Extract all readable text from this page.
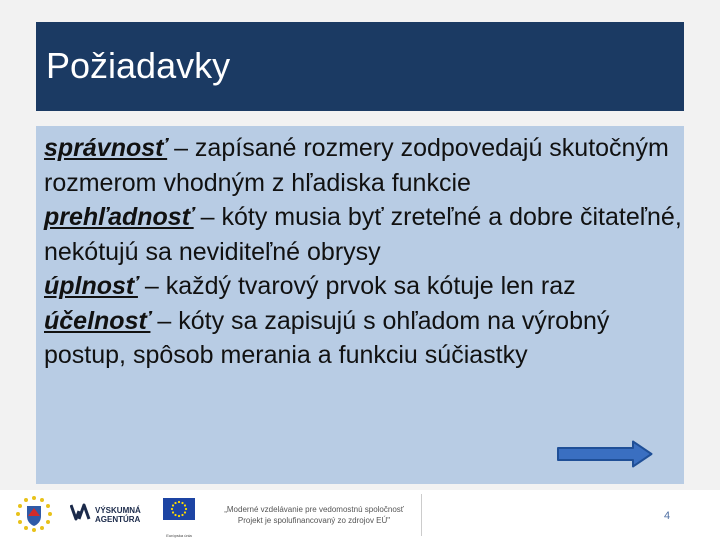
Požiadavky

správnosť – zapísané rozmery zodpovedajú skutočným rozmerom vhodným z hľadiska funkcie

prehľadnosť – kóty musia byť zreteľné a dobre čitateľné, nekótujú sa neviditeľné obrysy

úplnosť – každý tvarový prvok sa kótuje len raz

účelnosť – kóty sa zapisujú s ohľadom na výrobný postup, spôsob merania a funkciu súčiastky

VÝSKUMNÁ
AGENTÚRA
Európska únia
„Moderné vzdelávanie pre vedomostnú spoločnosť
Projekt je spolufinancovaný zo zdrojov EÚ"	4
